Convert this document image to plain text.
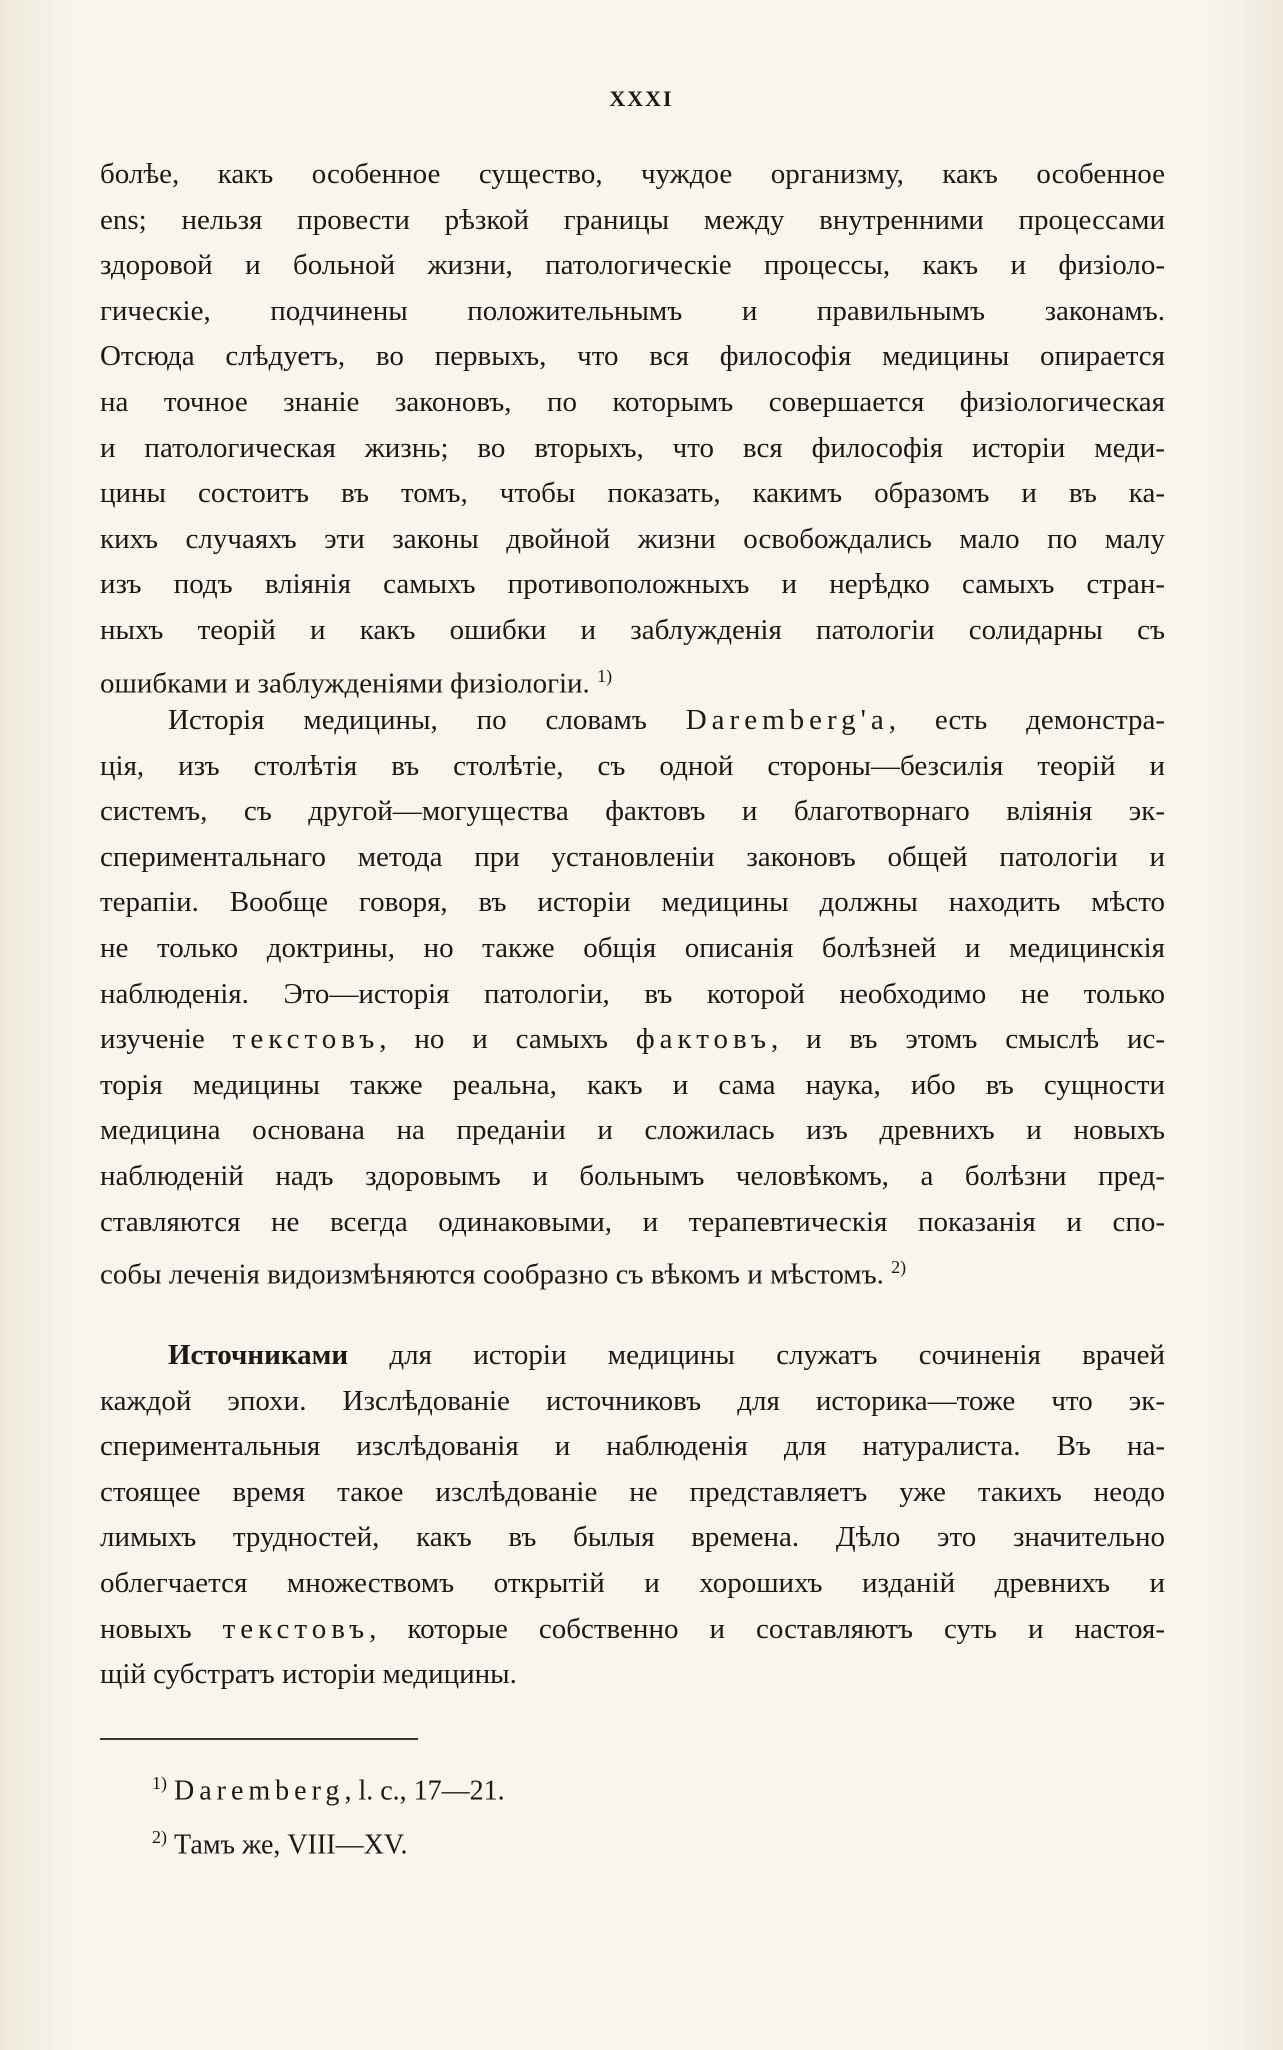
XXXI
болѣе, какъ особенное существо, чуждое организму, какъ особенное
ens; нельзя провести рѣзкой границы между внутренними процессами
здоровой и больной жизни, патологическіе процессы, какъ и физіоло-
гическіе, подчинены положительнымъ и правильнымъ законамъ.
Отсюда слѣдуетъ, во первыхъ, что вся философія медицины опирается
на точное знаніе законовъ, по которымъ совершается физіологическая
и патологическая жизнь; во вторыхъ, что вся философія исторіи меди-
цины состоитъ въ томъ, чтобы показать, какимъ образомъ и въ ка-
кихъ случаяхъ эти законы двойной жизни освобождались мало по малу
изъ подъ вліянія самыхъ противоположныхъ и нерѣдко самыхъ стран-
ныхъ теорій и какъ ошибки и заблужденія патологіи солидарны съ
ошибками и заблужденіями физіологіи. $^{1)}$
Исторія медицины, по словамъ Daremberg'a, есть демонстра-
ція, изъ столѣтія въ столѣтіе, съ одной стороны—безсилія теорій и
системъ, съ другой—могущества фактовъ и благотворнаго вліянія эк-
спериментальнаго метода при установленіи законовъ общей патологіи и
терапіи. Вообще говоря, въ исторіи медицины должны находить мѣсто
не только доктрины, но также общія описанія болѣзней и медицинскія
наблюденія. Это—исторія патологіи, въ которой необходимо не только
изученіе текстовъ, но и самыхъ фактовъ, и въ этомъ смыслѣ ис-
торія медицины также реальна, какъ и сама наука, ибо въ сущности
медицина основана на преданіи и сложилась изъ древнихъ и новыхъ
наблюденій надъ здоровымъ и больнымъ человѣкомъ, а болѣзни пред-
ставляются не всегда одинаковыми, и терапевтическія показанія и спо-
собы леченія видоизмѣняются сообразно съ вѣкомъ и мѣстомъ. $^{2)}$
Источниками для исторіи медицины служатъ сочиненія врачей
каждой эпохи. Изслѣдованіе источниковъ для историка—тоже что эк-
спериментальныя изслѣдованія и наблюденія для натуралиста. Въ на-
стоящее время такое изслѣдованіе не представляетъ уже такихъ неодо
лимыхъ трудностей, какъ въ былыя времена. Дѣло это значительно
облегчается множествомъ открытій и хорошихъ изданій древнихъ и
новыхъ текстовъ, которые собственно и составляютъ суть и настоя-
щій субстратъ исторіи медицины.
$^{1)}$ Daremberg, l. c., 17—21.
$^{2)}$ Тамъ же, VIII—XV.
